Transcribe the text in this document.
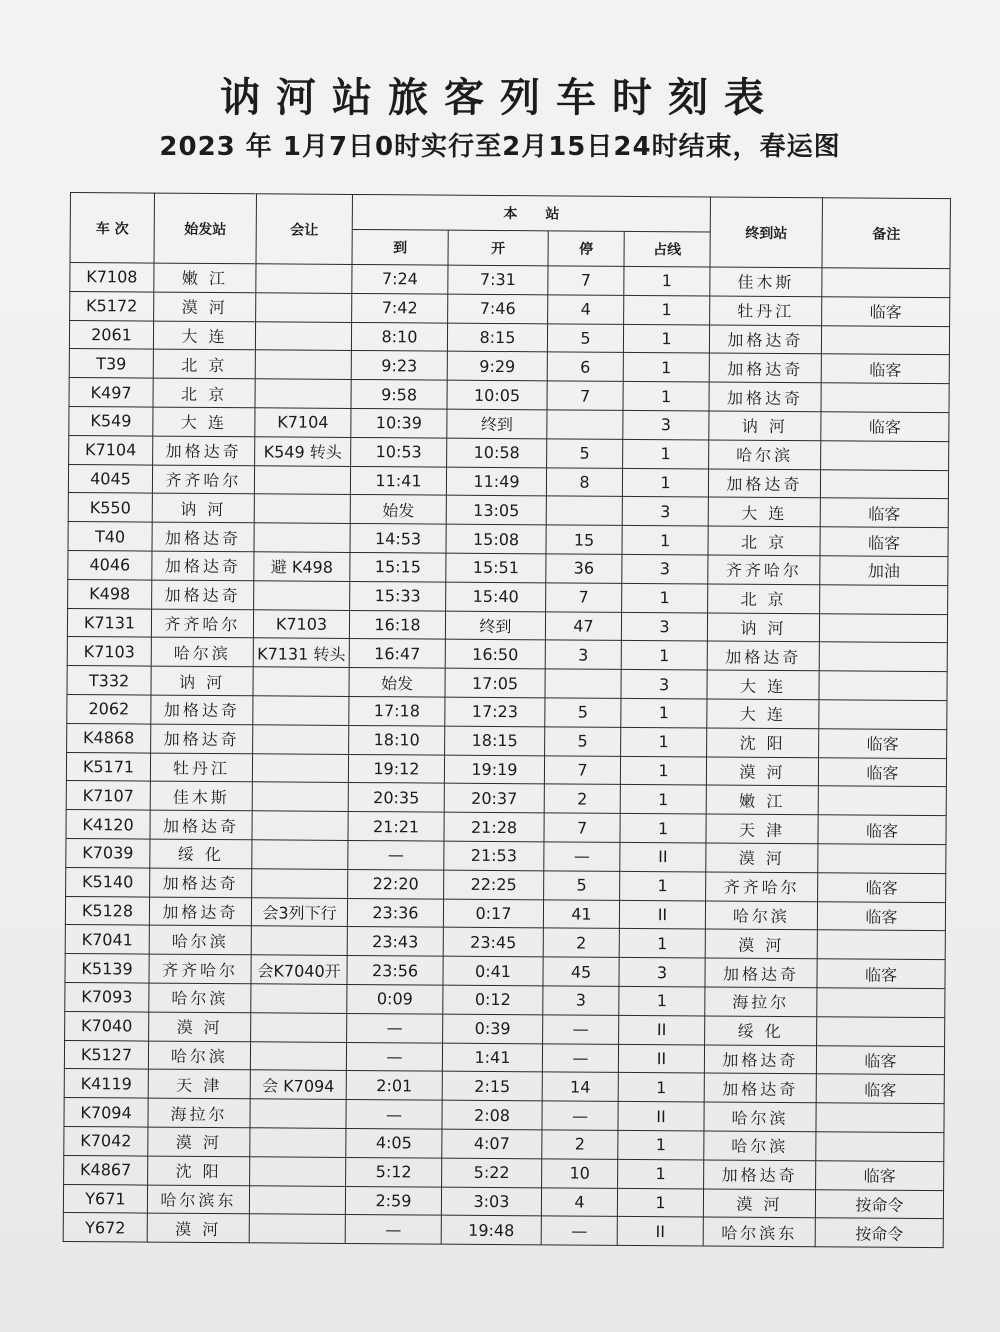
讷河站旅客列车时刻表
2023 年 1月7日0时实行至2月15日24时结束，春运图
车 次	始发站	会让	本　　站				终到站	备注
			到	开	停	占线		
K7108	嫩 江		7:24	7:31	7	1	佳木斯	
K5172	漠 河		7:42	7:46	4	1	牡丹江	临客
2061	大 连		8:10	8:15	5	1	加格达奇	
T39	北 京		9:23	9:29	6	1	加格达奇	临客
K497	北 京		9:58	10:05	7	1	加格达奇	
K549	大 连	K7104	10:39	终到		3	讷 河	临客
K7104	加格达奇	K549 转头	10:53	10:58	5	1	哈尔滨	
4045	齐齐哈尔		11:41	11:49	8	1	加格达奇	
K550	讷 河		始发	13:05		3	大 连	临客
T40	加格达奇		14:53	15:08	15	1	北 京	临客
4046	加格达奇	避 K498	15:15	15:51	36	3	齐齐哈尔	加油
K498	加格达奇		15:33	15:40	7	1	北 京	
K7131	齐齐哈尔	K7103	16:18	终到	47	3	讷 河	
K7103	哈尔滨	K7131 转头	16:47	16:50	3	1	加格达奇	
T332	讷 河		始发	17:05		3	大 连	
2062	加格达奇		17:18	17:23	5	1	大 连	
K4868	加格达奇		18:10	18:15	5	1	沈 阳	临客
K5171	牡丹江		19:12	19:19	7	1	漠 河	临客
K7107	佳木斯		20:35	20:37	2	1	嫩 江	
K4120	加格达奇		21:21	21:28	7	1	天 津	临客
K7039	绥 化		—	21:53	—	II	漠 河	
K5140	加格达奇		22:20	22:25	5	1	齐齐哈尔	临客
K5128	加格达奇	会3列下行	23:36	0:17	41	II	哈尔滨	临客
K7041	哈尔滨		23:43	23:45	2	1	漠 河	
K5139	齐齐哈尔	会K7040开	23:56	0:41	45	3	加格达奇	临客
K7093	哈尔滨		0:09	0:12	3	1	海拉尔	
K7040	漠 河		—	0:39	—	II	绥 化	
K5127	哈尔滨		—	1:41	—	II	加格达奇	临客
K4119	天 津	会 K7094	2:01	2:15	14	1	加格达奇	临客
K7094	海拉尔		—	2:08	—	II	哈尔滨	
K7042	漠 河		4:05	4:07	2	1	哈尔滨	
K4867	沈 阳		5:12	5:22	10	1	加格达奇	临客
Y671	哈尔滨东		2:59	3:03	4	1	漠 河	按命令
Y672	漠 河		—	19:48	—	II	哈尔滨东	按命令
